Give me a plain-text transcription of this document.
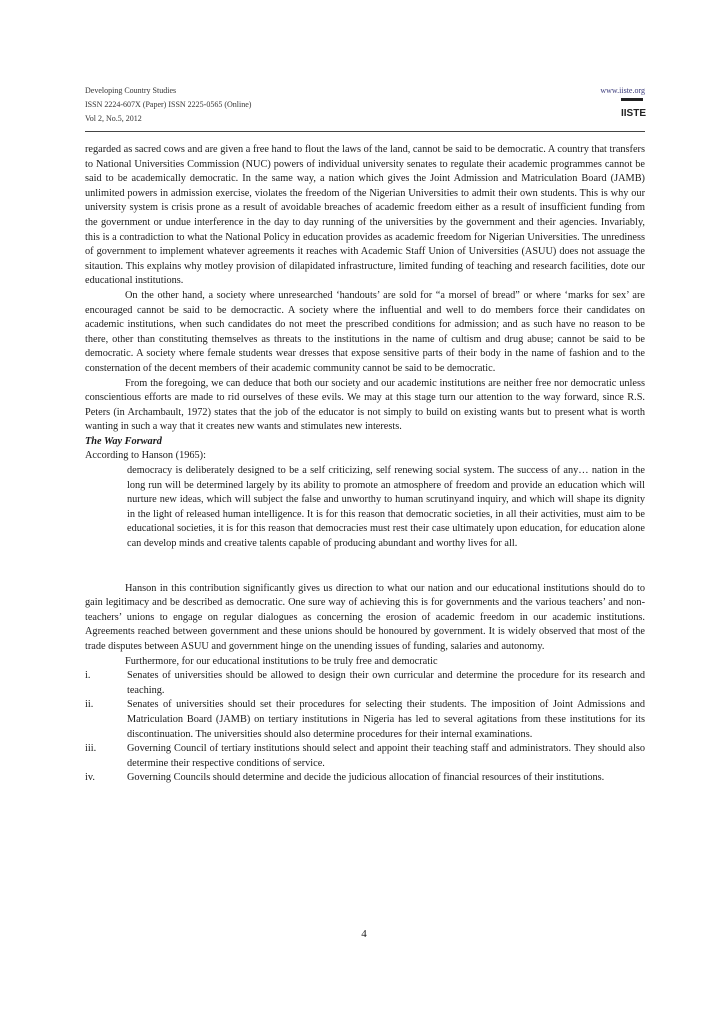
Developing Country Studies
ISSN 2224-607X (Paper) ISSN 2225-0565 (Online)
Vol 2, No.5, 2012
www.iiste.org
IISTE

regarded as sacred cows and are given a free hand to flout the laws of the land, cannot be said to be democratic. A country that transfers to National Universities Commission (NUC) powers of individual university senates to regulate their academic programmes cannot be said to be academically democratic. In the same way, a nation which gives the Joint Admission and Matriculation Board (JAMB) unlimited powers in admission exercise, violates the freedom of the Nigerian Universities to admit their own students. This is why our university system is crisis prone as a result of avoidable breaches of academic freedom either as a result of insufficient funding from the government or undue interference in the day to day running of the universities by the government and their agencies. Invariably, this is a contradiction to what the National Policy in education provides as academic freedom for Nigerian Universities. The unrediness of government to implement whatever agreements it reaches with Academic Staff Union of Universities (ASUU) does not assuage the sitaution. This explains why motley provision of dilapidated infrastructure, limited funding of teaching and research facilities, dote our educational institutions.

On the other hand, a society where unresearched ‘handouts’ are sold for “a morsel of bread” or where ‘marks for sex’ are encouraged cannot be said to be democractic. A society where the influential and well to do members force their candidates on academic institutions, when such candidates do not meet the prescribed conditions for admission; and as such have no reason to be there, other than constituting themselves as threats to the institutions in the name of cultism and drug abuse; cannot be said to be democratic. A society where female students wear dresses that expose sensitive parts of their body in the name of fashion and to the consternation of the decent members of their academic community cannot be said to be democratic.

From the foregoing, we can deduce that both our society and our academic institutions are neither free nor democratic unless conscientious efforts are made to rid ourselves of these evils. We may at this stage turn our attention to the way forward, since R.S. Peters (in Archambault, 1972) states that the job of the educator is not simply to build on existing wants but to present what is worth wanting in such a way that it creates new wants and stimulates new interests.

The Way Forward

According to Hanson (1965):

democracy is deliberately designed to be a self criticizing, self renewing social system. The success of any… nation in the long run will be determined largely by its ability to promote an atmosphere of freedom and provide an education which will nurture new ideas, which will subject the false and unworthy to human scrutinyand inquiry, and which will shape its dignity in the light of released human intelligence. It is for this reason that democratic societies, in all their activities, must aim to be educational societies, it is for this reason that democracies must rest their case ultimately upon education, for education alone can develop minds and creative talents capable of producing abundant and worthy lives for all.

Hanson in this contribution significantly gives us direction to what our nation and our educational institutions should do to gain legitimacy and be described as democratic. One sure way of achieving this is for governments and the various teachers’ and non-teachers’ unions to engage on regular dialogues as concerning the erosion of academic freedom in our academic institutions. Agreements reached between government and these unions should be honoured by government. It is widely observed that most of the trade disputes between ASUU and government hinge on the unending issues of funding, salaries and autonomy.

Furthermore, for our educational institutions to be truly free and democratic

i.	Senates of universities should be allowed to design their own curricular and determine the procedure for its research and teaching.
ii.	Senates of universities should set their procedures for selecting their students. The imposition of Joint Admissions and Matriculation Board (JAMB) on tertiary institutions in Nigeria has led to several agitations from these institutions for its discontinuation. The universities should also determine procedures for their internal examinations.
iii.	Governing Council of tertiary institutions should select and appoint their teaching staff and administrators. They should also determine their respective conditions of service.
iv.	Governing Councils should determine and decide the judicious allocation of financial resources of their institutions.
4
